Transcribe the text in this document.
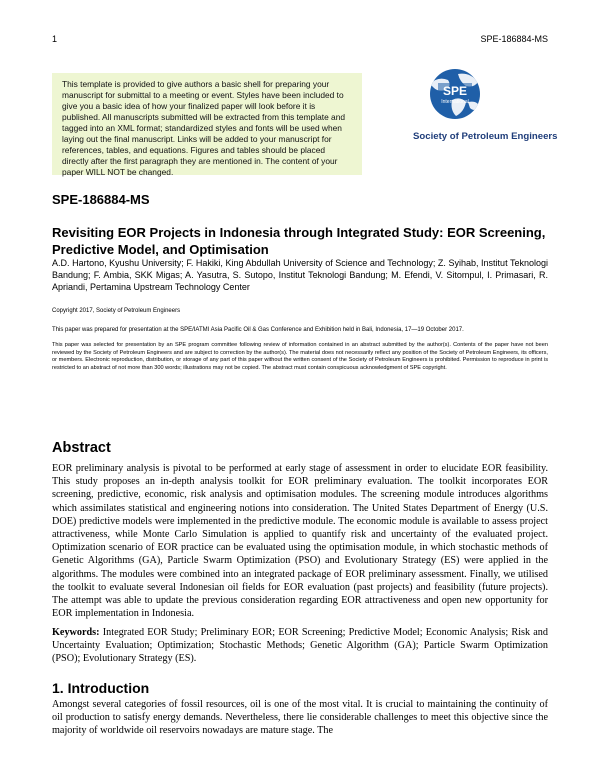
1	SPE-186884-MS
This template is provided to give authors a basic shell for preparing your manuscript for submittal to a meeting or event. Styles have been included to give you a basic idea of how your finalized paper will look before it is published. All manuscripts submitted will be extracted from this template and tagged into an XML format; standardized styles and fonts will be used when laying out the final manuscript. Links will be added to your manuscript for references, tables, and equations. Figures and tables should be placed directly after the first paragraph they are mentioned in. The content of your paper WILL NOT be changed.
SPE
International
Society of Petroleum Engineers
SPE-186884-MS
Revisiting EOR Projects in Indonesia through Integrated Study: EOR Screening, Predictive Model, and Optimisation
A.D. Hartono, Kyushu University; F. Hakiki, King Abdullah University of Science and Technology; Z. Syihab, Institut Teknologi Bandung; F. Ambia, SKK Migas; A. Yasutra, S. Sutopo, Institut Teknologi Bandung; M. Efendi, V. Sitompul, I. Primasari, R. Apriandi, Pertamina Upstream Technology Center
Copyright 2017, Society of Petroleum Engineers
This paper was prepared for presentation at the SPE/IATMI Asia Pacific Oil & Gas Conference and Exhibition held in Bali, Indonesia, 17—19 October 2017.
This paper was selected for presentation by an SPE program committee following review of information contained in an abstract submitted by the author(s). Contents of the paper have not been reviewed by the Society of Petroleum Engineers and are subject to correction by the author(s). The material does not necessarily reflect any position of the Society of Petroleum Engineers, its officers, or members. Electronic reproduction, distribution, or storage of any part of this paper without the written consent of the Society of Petroleum Engineers is prohibited. Permission to reproduce in print is restricted to an abstract of not more than 300 words; illustrations may not be copied. The abstract must contain conspicuous acknowledgment of SPE copyright.
Abstract
EOR preliminary analysis is pivotal to be performed at early stage of assessment in order to elucidate EOR feasibility. This study proposes an in-depth analysis toolkit for EOR preliminary evaluation. The toolkit incorporates EOR screening, predictive, economic, risk analysis and optimisation modules. The screening module introduces algorithms which assimilates statistical and engineering notions into consideration. The United States Department of Energy (U.S. DOE) predictive models were implemented in the predictive module. The economic module is available to assess project attractiveness, while Monte Carlo Simulation is applied to quantify risk and uncertainty of the evaluated project. Optimization scenario of EOR practice can be evaluated using the optimisation module, in which stochastic methods of Genetic Algorithms (GA), Particle Swarm Optimization (PSO) and Evolutionary Strategy (ES) were applied in the algorithms. The modules were combined into an integrated package of EOR preliminary assessment. Finally, we utilised the toolkit to evaluate several Indonesian oil fields for EOR evaluation (past projects) and feasibility (future projects). The attempt was able to update the previous consideration regarding EOR attractiveness and open new opportunity for EOR implementation in Indonesia.
Keywords: Integrated EOR Study; Preliminary EOR; EOR Screening; Predictive Model; Economic Analysis; Risk and Uncertainty Evaluation; Optimization; Stochastic Methods; Genetic Algorithm (GA); Particle Swarm Optimization (PSO); Evolutionary Strategy (ES).
1. Introduction
Amongst several categories of fossil resources, oil is one of the most vital. It is crucial to maintaining the continuity of oil production to satisfy energy demands. Nevertheless, there lie considerable challenges to meet this objective since the majority of worldwide oil reservoirs nowadays are mature stage. The
